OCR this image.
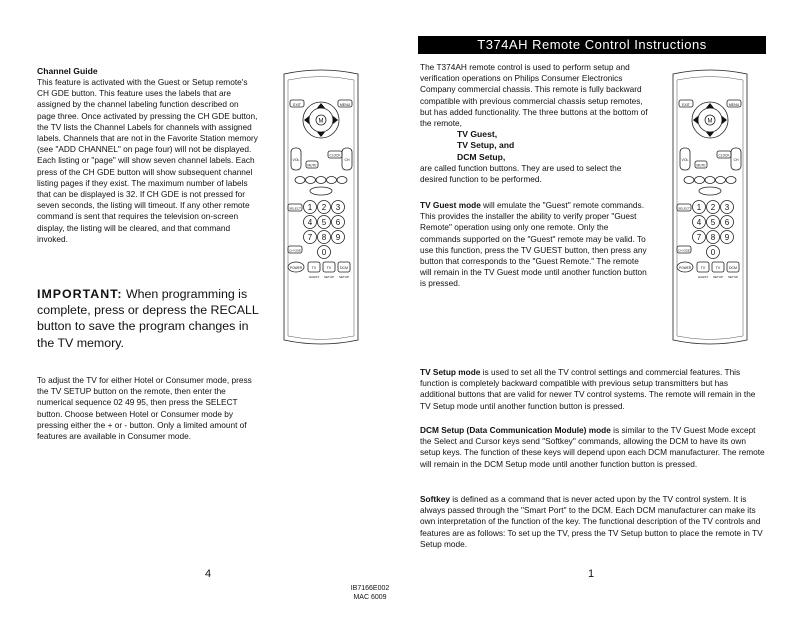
Channel Guide

This feature is activated with the Guest or Setup remote's CH GDE button. This feature uses the labels that are assigned by the channel labeling function described on page three. Once activated by pressing the CH GDE button, the TV lists the Channel Labels for channels with assigned labels. Channels that are not in the Favorite Station memory (see "ADD CHANNEL" on page four) will not be displayed. Each listing or "page" will show seven channel labels. Each press of the CH GDE button will show subsequent channel listing pages if they exist. The maximum number of labels that can be displayed is 32. If CH GDE is not pressed for seven seconds, the listing will timeout. If any other remote command is sent that requires the television on-screen display, the listing will be cleared, and that command invoked.

IMPORTANT: When programming is complete, press or depress the RECALL button to save the program changes in the TV memory.

To adjust the TV for either Hotel or Consumer mode, press the TV SETUP button on the remote, then enter the numerical sequence 02 49 95, then press the SELECT button. Choose between Hotel or Consumer mode by pressing either the + or - button. Only a limited amount of features are available in Consumer mode.

EXIT	MENU
M
CLOCK
VOL	CH
MUTE
SELECT 1 2 3
4 5 6
7 8 9
0
CH GDE
POWER	TV
GUEST
TV
SETUP
DCM
SETUP
4
T374AH Remote Control Instructions

The T374AH remote control is used to perform setup and verification operations on Philips Consumer Electronics Company commercial chassis. This remote is fully backward compatible with previous commercial chassis setup remotes, but has added functionality. The three buttons at the bottom of the remote,

TV Guest,
TV Setup, and
DCM Setup,

are called function buttons. They are used to select the desired function to be performed.

TV Guest mode will emulate the "Guest" remote commands. This provides the installer the ability to verify proper "Guest Remote" operation using only one remote. Only the commands supported on the "Guest" remote may be valid. To use this function, press the TV GUEST button, then press any button that corresponds to the "Guest Remote." The remote will remain in the TV Guest mode until another function button is pressed.

EXIT	MENU
M
CLOCK
VOL	CH
MUTE
SELECT 1 2 3
4 5 6
7 8 9
0
CH GDE
POWER	TV
GUEST
TV
SETUP
DCM
SETUP

TV Setup mode is used to set all the TV control settings and commercial features. This function is completely backward compatible with previous setup transmitters but has additional buttons that are valid for newer TV control systems. The remote will remain in the TV Setup mode until another function button is pressed.

DCM Setup (Data Communication Module) mode is similar to the TV Guest Mode except the Select and Cursor keys send "Softkey" commands, allowing the DCM to have its own setup keys. The function of these keys will depend upon each DCM manufacturer. The remote will remain in the DCM Setup mode until another function button is pressed.

Softkey is defined as a command that is never acted upon by the TV control system. It is always passed through the "Smart Port" to the DCM. Each DCM manufacturer can make its own interpretation of the function of the key. The functional description of the TV controls and features are as follows: To set up the TV, press the TV Setup button to place the remote in TV Setup mode.

1
IB7166E002
MAC 6009
